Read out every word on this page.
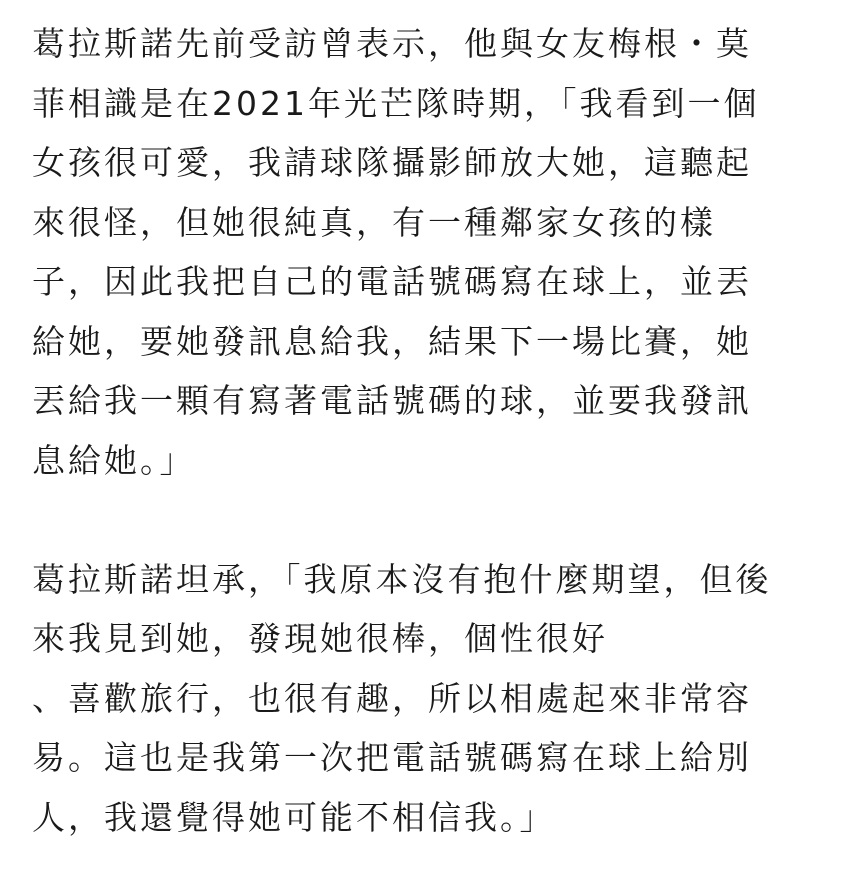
葛拉斯諾先前受訪曾表示，他與女友梅根・莫
菲相識是在2021年光芒隊時期，「我看到一個
女孩很可愛，我請球隊攝影師放大她，這聽起
來很怪，但她很純真，有一種鄰家女孩的樣
子，因此我把自己的電話號碼寫在球上，並丟
給她，要她發訊息給我，結果下一場比賽，她
丟給我一顆有寫著電話號碼的球，並要我發訊
息給她。」
葛拉斯諾坦承，「我原本沒有抱什麼期望，但後
來我見到她，發現她很棒，個性很好
、喜歡旅行，也很有趣，所以相處起來非常容
易。這也是我第一次把電話號碼寫在球上給別
人，我還覺得她可能不相信我。」
